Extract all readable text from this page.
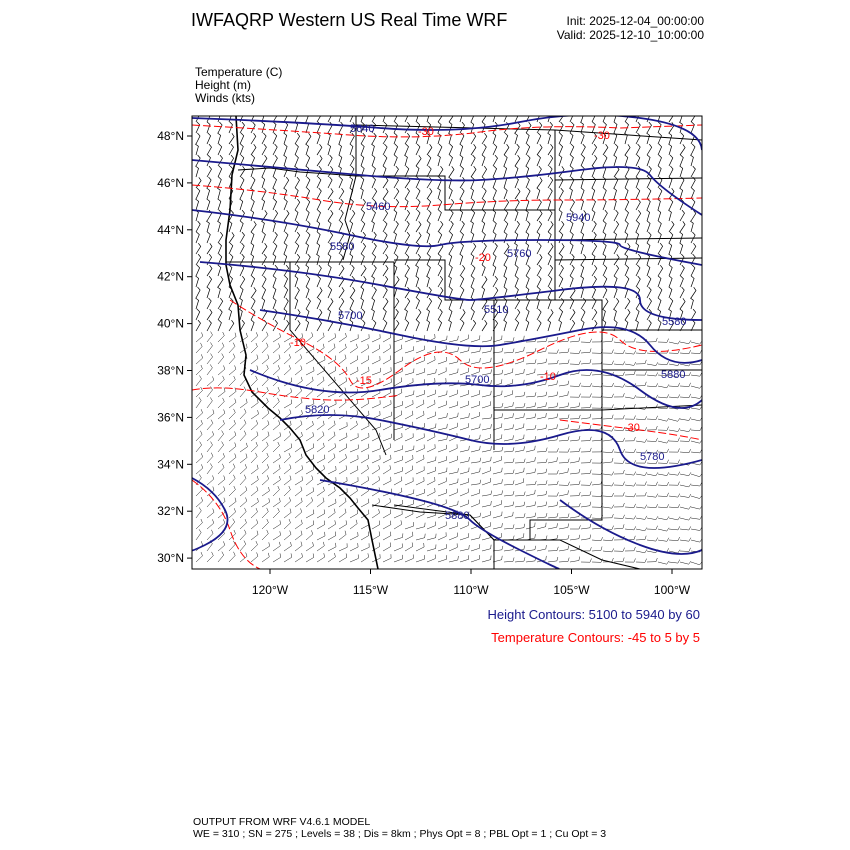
IWFAQRP Western US Real Time WRF	Init: 2025-12-04_00:00:00
Valid: 2025-12-10_10:00:00
Temperature (C)
Height (m)
Winds (kts)
5640
5460
5940
5580
5760
5700	5510
5580
5700
5820
5880
5880
5780
-30	-30
-20
-10
-15	-10
-30
48°N
46°N
44°N
42°N
40°N
38°N
36°N
34°N
32°N
30°N
120°W	115°W	110°W	105°W	100°W
Height Contours: 5100 to 5940 by 60
Temperature Contours: -45 to 5 by 5
OUTPUT FROM WRF V4.6.1 MODEL
WE = 310 ; SN = 275 ; Levels = 38 ; Dis = 8km ; Phys Opt = 8 ; PBL Opt = 1 ; Cu Opt = 3
